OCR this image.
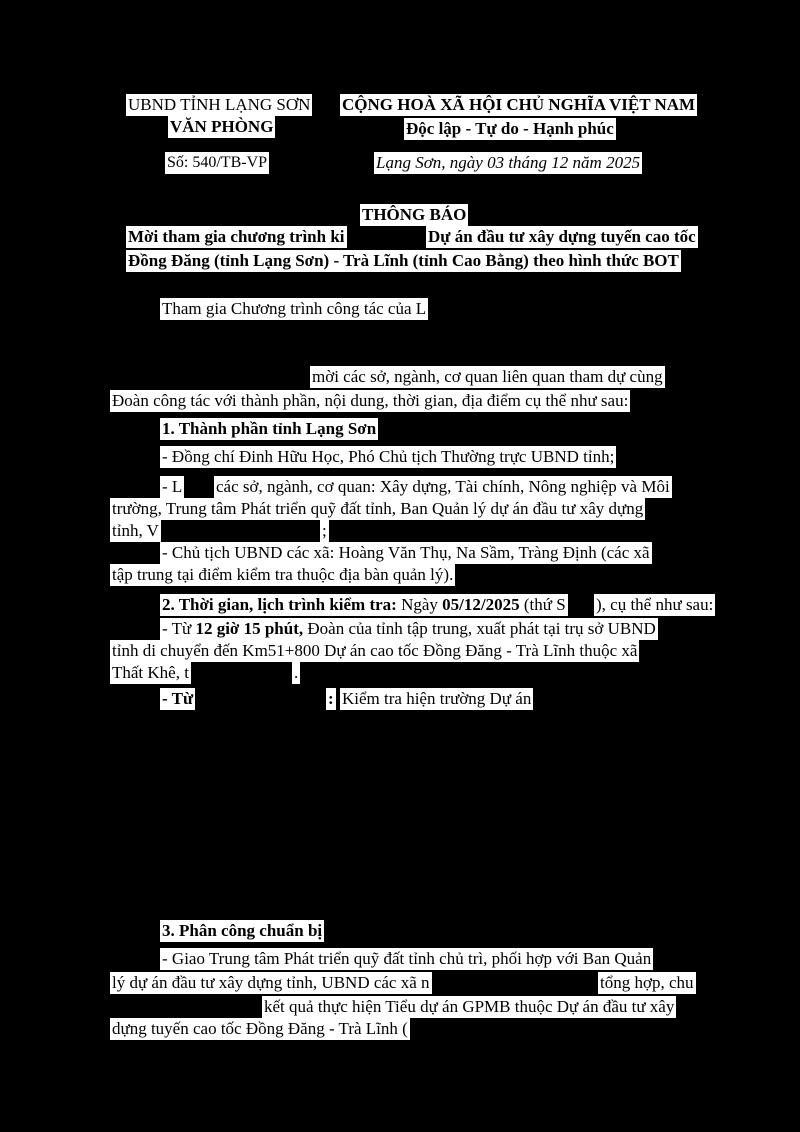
UBND TỈNH LẠNG SƠN
VĂN PHÒNG
Số: 540/TB-VP
CỘNG HOÀ XÃ HỘI CHỦ NGHĨA VIỆT NAM
Độc lập - Tự do - Hạnh phúc
Lạng Sơn, ngày 03 tháng 12 năm 2025
THÔNG BÁO
Mời tham gia chương trình ki	Dự án đầu tư xây dựng tuyến cao tốc
Đồng Đăng (tỉnh Lạng Sơn) - Trà Lĩnh (tỉnh Cao Bằng) theo hình thức BOT
Tham gia Chương trình công tác của L
mời các sở, ngành, cơ quan liên quan tham dự cùng
Đoàn công tác với thành phần, nội dung, thời gian, địa điểm cụ thể như sau:
1. Thành phần tỉnh Lạng Sơn
- Đồng chí Đinh Hữu Học, Phó Chủ tịch Thường trực UBND tỉnh;
- L các sở, ngành, cơ quan: Xây dựng, Tài chính, Nông nghiệp và Môi
trường, Trung tâm Phát triển quỹ đất tỉnh, Ban Quản lý dự án đầu tư xây dựng
tỉnh, V	;
- Chủ tịch UBND các xã: Hoàng Văn Thụ, Na Sầm, Tràng Định (các xã
tập trung tại điểm kiểm tra thuộc địa bàn quản lý).
2. Thời gian, lịch trình kiểm tra: Ngày 05/12/2025 (thứ S ), cụ thể như sau:
- Từ 12 giờ 15 phút, Đoàn của tỉnh tập trung, xuất phát tại trụ sở UBND
tỉnh di chuyển đến Km51+800 Dự án cao tốc Đồng Đăng - Trà Lĩnh thuộc xã
Thất Khê, t	.
- Từ	: Kiểm tra hiện trường Dự án
3. Phân công chuẩn bị
- Giao Trung tâm Phát triển quỹ đất tỉnh chủ trì, phối hợp với Ban Quản
lý dự án đầu tư xây dựng tỉnh, UBND các xã n	tổng hợp, chu
kết quả thực hiện Tiểu dự án GPMB thuộc Dự án đầu tư xây
dựng tuyến cao tốc Đồng Đăng - Trà Lĩnh (
